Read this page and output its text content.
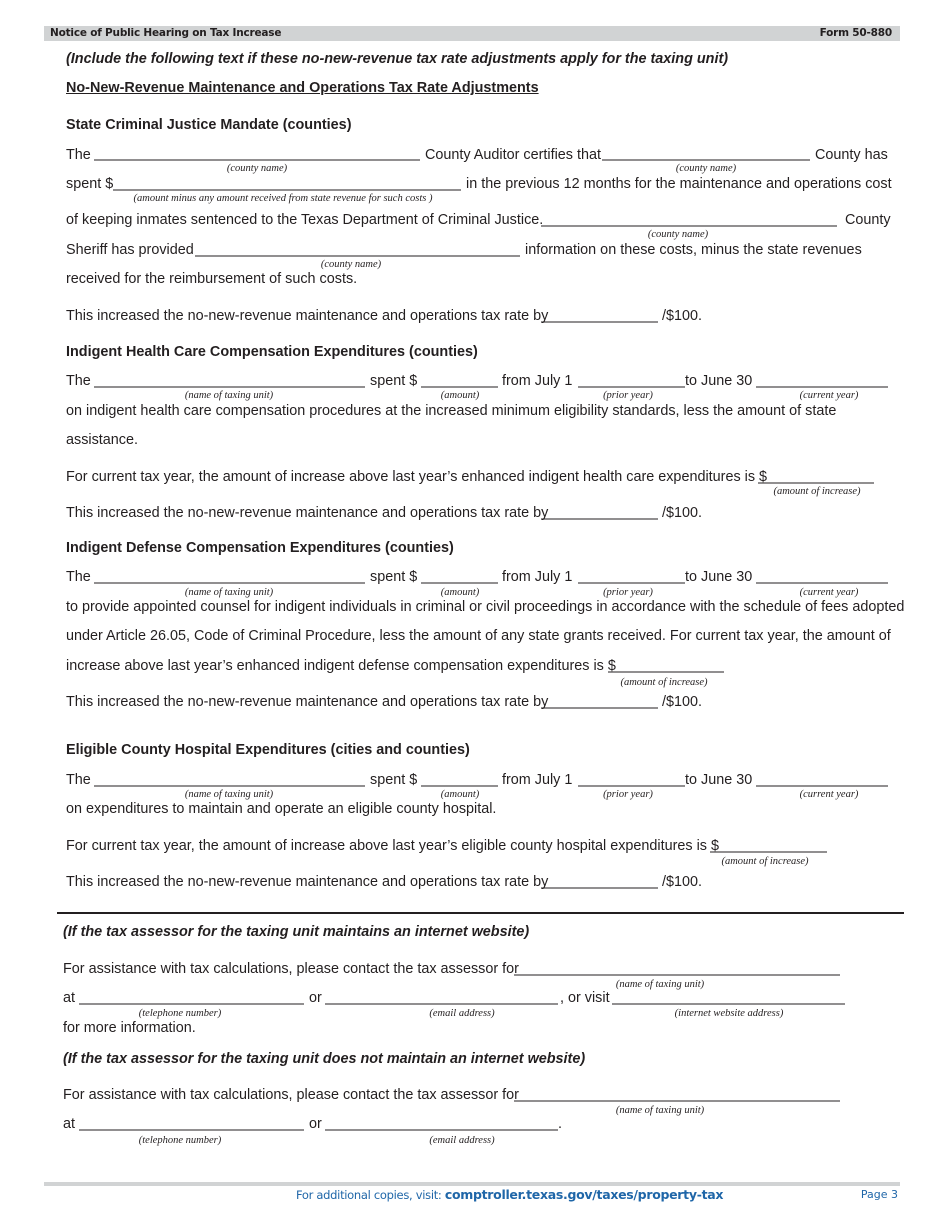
Notice of Public Hearing on Tax Increase	Form 50-880
(Include the following text if these no-new-revenue tax rate adjustments apply for the taxing unit)
No-New-Revenue Maintenance and Operations Tax Rate Adjustments
State Criminal Justice Mandate (counties)
The	County Auditor certifies that	County has
(county name)	(county name)
spent $	in the previous 12 months for the maintenance and operations cost
(amount minus any amount received from state revenue for such costs )
of keeping inmates sentenced to the Texas Department of Criminal Justice.	County
(county name)
Sheriff has provided	information on these costs, minus the state revenues
(county name)
received for the reimbursement of such costs.
This increased the no-new-revenue maintenance and operations tax rate by	/$100.
Indigent Health Care Compensation Expenditures (counties)
The	spent $	from July 1	to June 30
(name of taxing unit)	(amount)	(prior year)	(current year)
on indigent health care compensation procedures at the increased minimum eligibility standards, less the amount of state
assistance.
For current tax year, the amount of increase above last year’s enhanced indigent health care expenditures is $
(amount of increase)
This increased the no-new-revenue maintenance and operations tax rate by	/$100.
Indigent Defense Compensation Expenditures (counties)
The	spent $	from July 1	to June 30
(name of taxing unit)	(amount)	(prior year)	(current year)
to provide appointed counsel for indigent individuals in criminal or civil proceedings in accordance with the schedule of fees adopted
under Article 26.05, Code of Criminal Procedure, less the amount of any state grants received. For current tax year, the amount of
increase above last year’s enhanced indigent defense compensation expenditures is $
(amount of increase)
This increased the no-new-revenue maintenance and operations tax rate by	/$100.
Eligible County Hospital Expenditures (cities and counties)
The	spent $	from July 1	to June 30
(name of taxing unit)	(amount)	(prior year)	(current year)
on expenditures to maintain and operate an eligible county hospital.
For current tax year, the amount of increase above last year’s eligible county hospital expenditures is $
(amount of increase)
This increased the no-new-revenue maintenance and operations tax rate by	/$100.
(If the tax assessor for the taxing unit maintains an internet website)
For assistance with tax calculations, please contact the tax assessor for
(name of taxing unit)
at	or	, or visit
(telephone number)	(email address)	(internet website address)
for more information.
(If the tax assessor for the taxing unit does not maintain an internet website)
For assistance with tax calculations, please contact the tax assessor for
(name of taxing unit)
at	or	.
(telephone number)	(email address)
For additional copies, visit: comptroller.texas.gov/taxes/property-tax	Page 3
